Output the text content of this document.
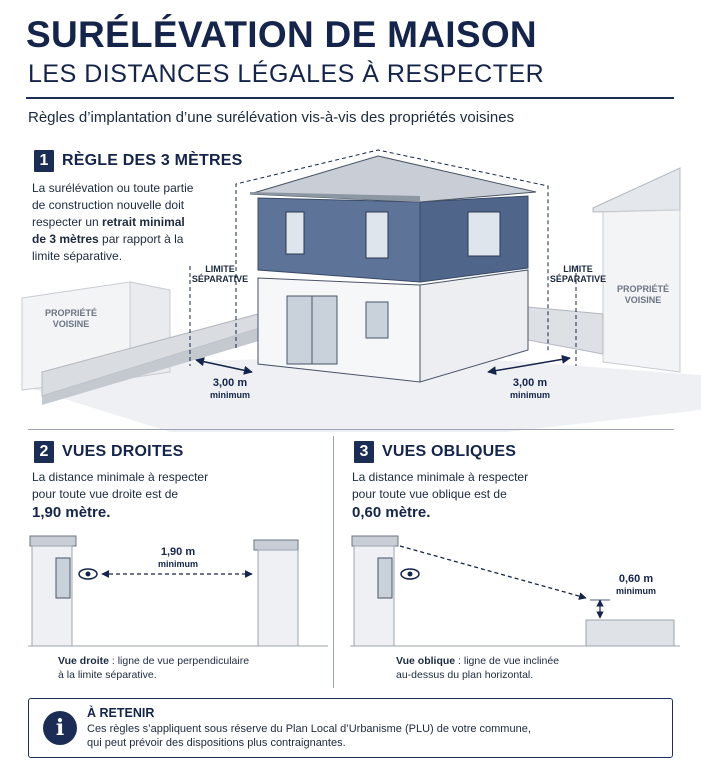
SURÉLÉVATION DE MAISON
LES DISTANCES LÉGALES À RESPECTER
Règles d’implantation d’une surélévation vis-à-vis des propriétés voisines
1 RÈGLE DES 3 MÈTRES
La surélévation ou toute partie
de construction nouvelle doit
respecter un retrait minimal
de 3 mètres par rapport à la
limite séparative.
LIMITE
SÉPARATIVE
LIMITE
SÉPARATIVE
PROPRIÉTÉ
VOISINE
PROPRIÉTÉ
VOISINE
3,00 m
minimum
3,00 m
minimum
2 VUES DROITES
La distance minimale à respecter
pour toute vue droite est de
1,90 mètre.
1,90 m
minimum
Vue droite : ligne de vue perpendiculaire
à la limite séparative.
3 VUES OBLIQUES
La distance minimale à respecter
pour toute vue oblique est de
0,60 mètre.
0,60 m
minimum
Vue oblique : ligne de vue inclinée
au-dessus du plan horizontal.
i
À RETENIR
Ces règles s’appliquent sous réserve du Plan Local d’Urbanisme (PLU) de votre commune,
qui peut prévoir des dispositions plus contraignantes.
